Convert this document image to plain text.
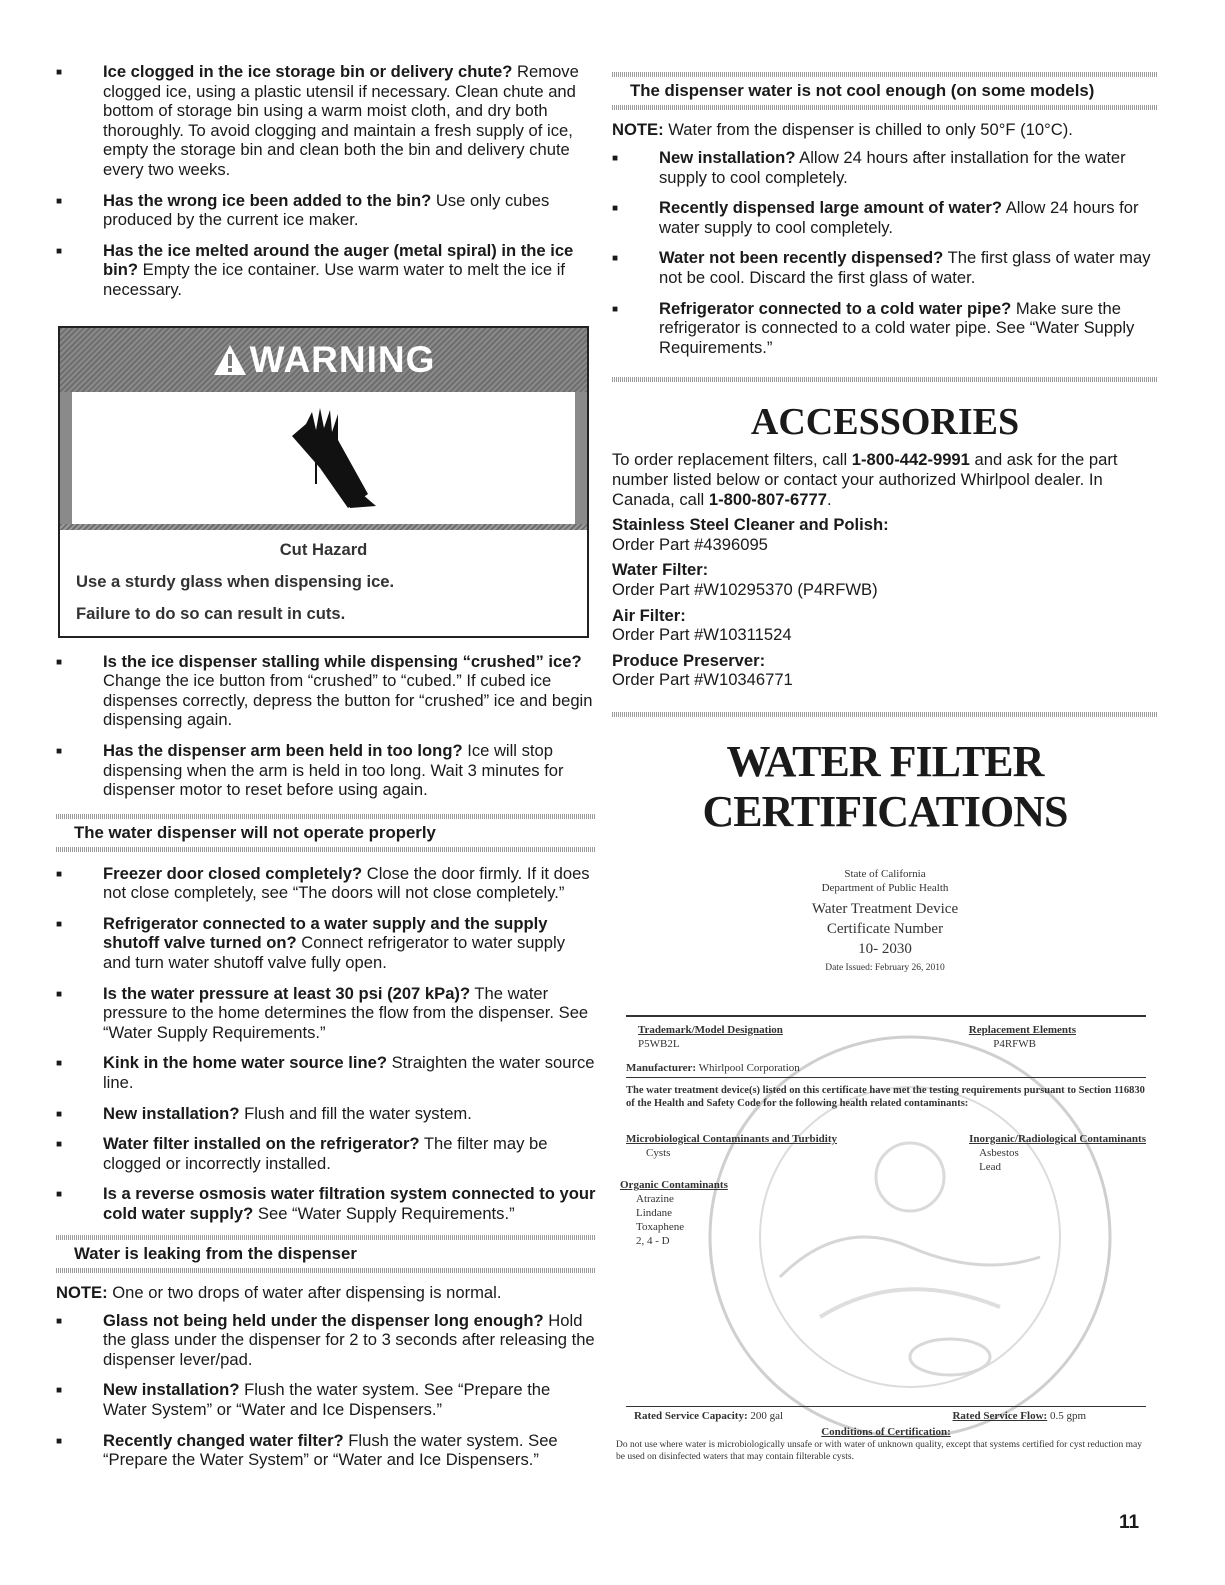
■ Ice clogged in the ice storage bin or delivery chute? Remove clogged ice, using a plastic utensil if necessary. Clean chute and bottom of storage bin using a warm moist cloth, and dry both thoroughly. To avoid clogging and maintain a fresh supply of ice, empty the storage bin and clean both the bin and delivery chute every two weeks.
■ Has the wrong ice been added to the bin? Use only cubes produced by the current ice maker.
■ Has the ice melted around the auger (metal spiral) in the ice bin? Empty the ice container. Use warm water to melt the ice if necessary.
WARNING
Cut Hazard
Use a sturdy glass when dispensing ice.
Failure to do so can result in cuts.
■ Is the ice dispenser stalling while dispensing “crushed” ice? Change the ice button from “crushed” to “cubed.” If cubed ice dispenses correctly, depress the button for “crushed” ice and begin dispensing again.
■ Has the dispenser arm been held in too long? Ice will stop dispensing when the arm is held in too long. Wait 3 minutes for dispenser motor to reset before using again.
The water dispenser will not operate properly
■ Freezer door closed completely? Close the door firmly. If it does not close completely, see “The doors will not close completely.”
■ Refrigerator connected to a water supply and the supply shutoff valve turned on? Connect refrigerator to water supply and turn water shutoff valve fully open.
■ Is the water pressure at least 30 psi (207 kPa)? The water pressure to the home determines the flow from the dispenser. See “Water Supply Requirements.”
■ Kink in the home water source line? Straighten the water source line.
■ New installation? Flush and fill the water system.
■ Water filter installed on the refrigerator? The filter may be clogged or incorrectly installed.
■ Is a reverse osmosis water filtration system connected to your cold water supply? See “Water Supply Requirements.”
Water is leaking from the dispenser

NOTE: One or two drops of water after dispensing is normal.

■ Glass not being held under the dispenser long enough? Hold the glass under the dispenser for 2 to 3 seconds after releasing the dispenser lever/pad.
■ New installation? Flush the water system. See “Prepare the Water System” or “Water and Ice Dispensers.”
■ Recently changed water filter? Flush the water system. See “Prepare the Water System” or “Water and Ice Dispensers.”
The dispenser water is not cool enough (on some models)

NOTE: Water from the dispenser is chilled to only 50°F (10°C).

■ New installation? Allow 24 hours after installation for the water supply to cool completely.
■ Recently dispensed large amount of water? Allow 24 hours for water supply to cool completely.
■ Water not been recently dispensed? The first glass of water may not be cool. Discard the first glass of water.
■ Refrigerator connected to a cold water pipe? Make sure the refrigerator is connected to a cold water pipe. See “Water Supply Requirements.”
ACCESSORIES

To order replacement filters, call 1-800-442-9991 and ask for the part number listed below or contact your authorized Whirlpool dealer. In Canada, call 1-800-807-6777.

Stainless Steel Cleaner and Polish:

Order Part #4396095

Water Filter:

Order Part #W10295370 (P4RFWB)

Air Filter:

Order Part #W10311524

Produce Preserver:

Order Part #W10346771

WATER FILTER CERTIFICATIONS
State of California
Department of Public Health
Water Treatment Device
Certificate Number
10- 2030
Date Issued: February 26, 2010
Trademark/Model Designation
P5WB2L
Replacement Elements
P4RFWB
Manufacturer: Whirlpool Corporation
The water treatment device(s) listed on this certificate have met the testing requirements pursuant to Section 116830 of the Health and Safety Code for the following health related contaminants:
Microbiological Contaminants and Turbidity
Cysts
Inorganic/Radiological Contaminants
Asbestos
Lead
Organic Contaminants
Atrazine
Lindane
Toxaphene
2, 4 - D
Rated Service Capacity: 200 gal	Rated Service Flow: 0.5 gpm
Conditions of Certification:
Do not use where water is microbiologically unsafe or with water of unknown quality, except that systems certified for cyst reduction may be used on disinfected waters that may contain filterable cysts.
11
